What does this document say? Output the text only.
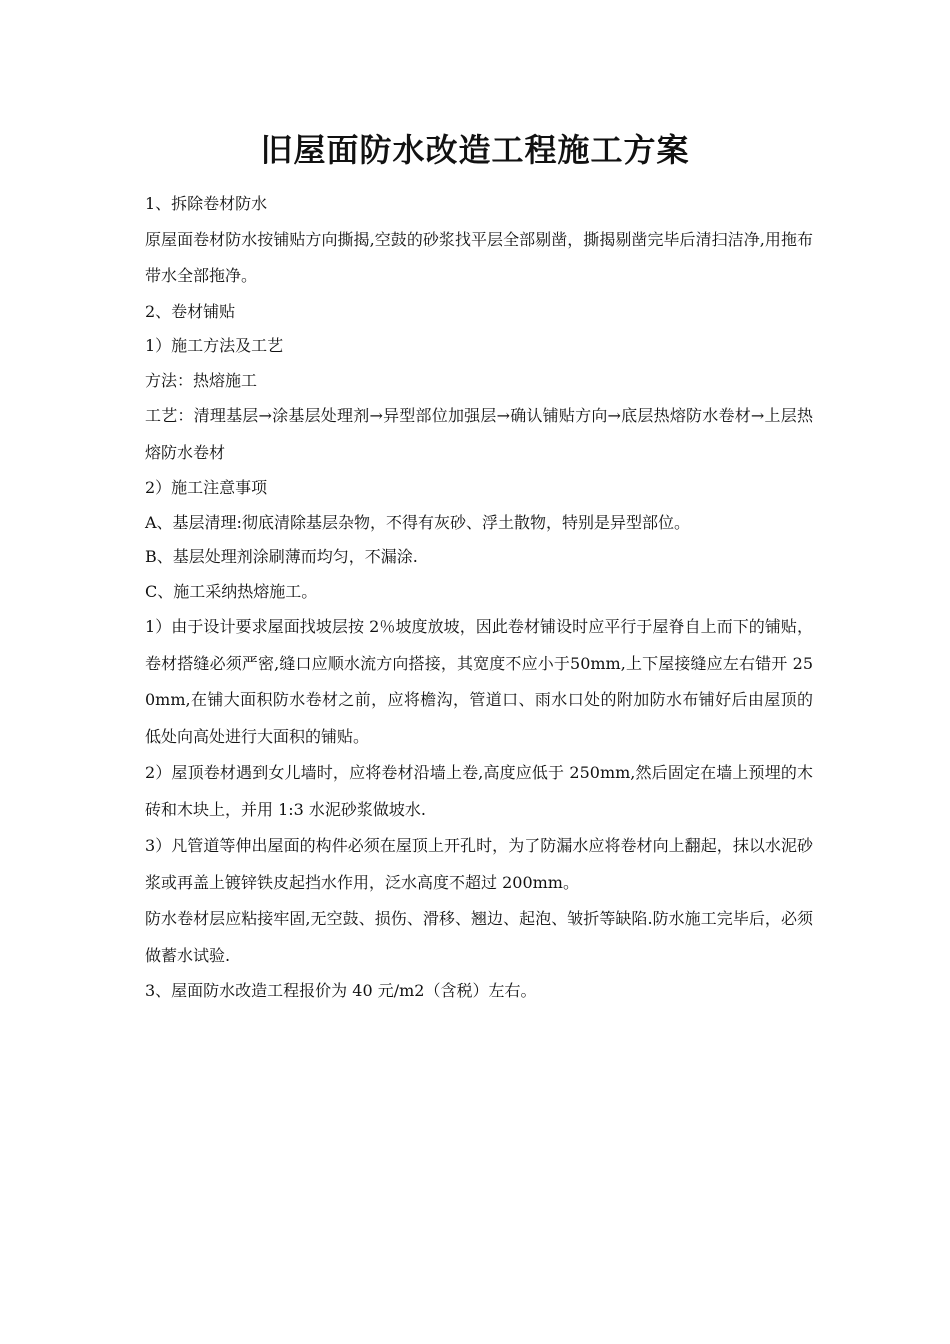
旧屋面防水改造工程施工方案

1、拆除卷材防水

原屋面卷材防水按铺贴方向撕揭,空鼓的砂浆找平层全部剔凿，撕揭剔凿完毕后清扫洁净,用拖布带水全部拖净。

2、卷材铺贴

1）施工方法及工艺

方法：热熔施工

工艺：清理基层→涂基层处理剂→异型部位加强层→确认铺贴方向→底层热熔防水卷材→上层热熔防水卷材

2）施工注意事项

A、基层清理:彻底清除基层杂物，不得有灰砂、浮土散物，特别是异型部位。

B、基层处理剂涂刷薄而均匀，不漏涂.

C、施工采纳热熔施工。

1）由于设计要求屋面找坡层按 2％坡度放坡，因此卷材铺设时应平行于屋脊自上而下的铺贴，卷材搭缝必须严密,缝口应顺水流方向搭接，其宽度不应小于50mm,上下屋接缝应左右错开 250mm,在铺大面积防水卷材之前，应将檐沟，管道口、雨水口处的附加防水布铺好后由屋顶的低处向高处进行大面积的铺贴。

2）屋顶卷材遇到女儿墙时，应将卷材沿墙上卷,高度应低于 250mm,然后固定在墙上预埋的木砖和木块上，并用 1:3 水泥砂浆做坡水.

3）凡管道等伸出屋面的构件必须在屋顶上开孔时，为了防漏水应将卷材向上翻起，抹以水泥砂浆或再盖上镀锌铁皮起挡水作用，泛水高度不超过 200mm。

防水卷材层应粘接牢固,无空鼓、损伤、滑移、翘边、起泡、皱折等缺陷.防水施工完毕后，必须做蓄水试验.

3、屋面防水改造工程报价为 40 元/m2（含税）左右。
